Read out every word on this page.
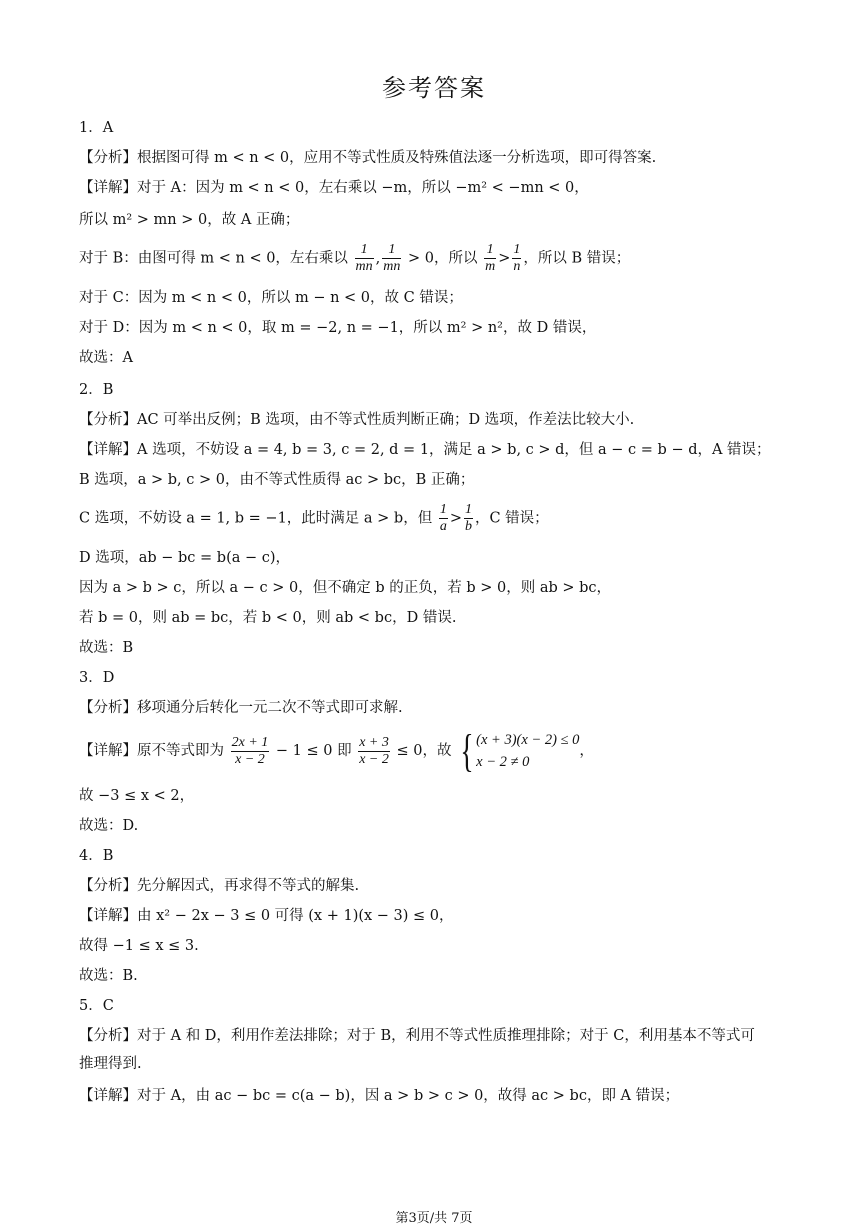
参考答案
1．A
【分析】根据图可得 m < n < 0，应用不等式性质及特殊值法逐一分析选项，即可得答案.
【详解】对于 A：因为 m < n < 0，左右乘以 −m，所以 −m² < −mn < 0，
所以 m² > mn > 0，故 A 正确；
对于 B：由图可得 m < n < 0，左右乘以 $\frac{1}{mn}$ , $\frac{1}{mn} > 0$，所以 $\frac{1}{m} > \frac{1}{n}$ ，所以 B 错误；
对于 C：因为 m < n < 0，所以 m − n < 0，故 C 错误；
对于 D：因为 m < n < 0，取 m = −2, n = −1，所以 m² > n²，故 D 错误，
故选：A
2．B
【分析】AC 可举出反例；B 选项，由不等式性质判断正确；D 选项，作差法比较大小.
【详解】A 选项，不妨设 a = 4, b = 3, c = 2, d = 1，满足 a > b, c > d，但 a − c = b − d，A 错误；
B 选项，a > b, c > 0，由不等式性质得 ac > bc，B 正确；
C 选项，不妨设 a = 1, b = −1，此时满足 a > b，但 $\frac{1}{a} > \frac{1}{b}$ ，C 错误；
D 选项，ab − bc = b(a − c)，
因为 a > b > c，所以 a − c > 0，但不确定 b 的正负，若 b > 0，则 ab > bc，
若 b = 0，则 ab = bc，若 b < 0，则 ab < bc，D 错误.
故选：B
3．D
【分析】移项通分后转化一元二次不等式即可求解.
【详解】原不等式即为 $\frac{2x + 1}{x - 2} - 1 \le 0$ 即 $\frac{x + 3}{x - 2} \le 0$，故 { (x + 3)(x − 2) ≤ 0
x − 2 ≠ 0
，
故 −3 ≤ x < 2，
故选：D.
4．B
【分析】先分解因式，再求得不等式的解集.
【详解】由 x² − 2x − 3 ≤ 0 可得 (x + 1)(x − 3) ≤ 0，
故得 −1 ≤ x ≤ 3.
故选：B.
5．C
【分析】对于 A 和 D，利用作差法排除；对于 B，利用不等式性质推理排除；对于 C，利用基本不等式可
推理得到.
【详解】对于 A，由 ac − bc = c(a − b)，因 a > b > c > 0，故得 ac > bc，即 A 错误；
第3页/共 7页
